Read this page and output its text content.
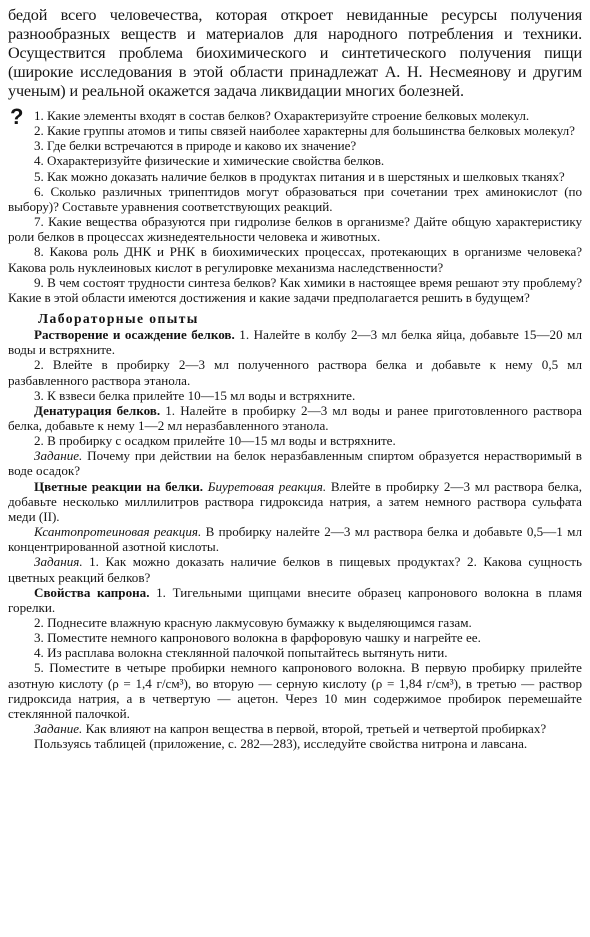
бедой всего человечества, которая откроет невиданные ресурсы получения разнообразных веществ и материалов для народного потребления и техники. Осуществится проблема биохимического и синтетического получения пищи (широкие исследования в этой области принадлежат А. Н. Несмеянову и другим ученым) и реальной окажется задача ликвидации многих болезней.

? 1. Какие элементы входят в состав белков? Охарактеризуйте строение белковых молекул.

2. Какие группы атомов и типы связей наиболее характерны для большинства белковых молекул?

3. Где белки встречаются в природе и каково их значение?

4. Охарактеризуйте физические и химические свойства белков.

5. Как можно доказать наличие белков в продуктах питания и в шерстяных и шелковых тканях?

6. Сколько различных трипептидов могут образоваться при сочетании трех аминокислот (по выбору)? Составьте уравнения соответствующих реакций.

7. Какие вещества образуются при гидролизе белков в организме? Дайте общую характеристику роли белков в процессах жизнедеятельности человека и животных.

8. Какова роль ДНК и РНК в биохимических процессах, протекающих в организме человека? Какова роль нуклеиновых кислот в регулировке механизма наследственности?

9. В чем состоят трудности синтеза белков? Как химики в настоящее время решают эту проблему? Какие в этой области имеются достижения и какие задачи предполагается решить в будущем?

Лабораторные опыты

Растворение и осаждение белков. 1. Налейте в колбу 2—3 мл белка яйца, добавьте 15—20 мл воды и встряхните.

2. Влейте в пробирку 2—3 мл полученного раствора белка и добавьте к нему 0,5 мл разбавленного раствора этанола.

3. К взвеси белка прилейте 10—15 мл воды и встряхните.

Денатурация белков. 1. Налейте в пробирку 2—3 мл воды и ранее приготовленного раствора белка, добавьте к нему 1—2 мл неразбавленного этанола.

2. В пробирку с осадком прилейте 10—15 мл воды и встряхните.

Задание. Почему при действии на белок неразбавленным спиртом образуется нерастворимый в воде осадок?

Цветные реакции на белки. Биуретовая реакция. Влейте в пробирку 2—3 мл раствора белка, добавьте несколько миллилитров раствора гидроксида натрия, а затем немного раствора сульфата меди (II).

Ксантопротеиновая реакция. В пробирку налейте 2—3 мл раствора белка и добавьте 0,5—1 мл концентрированной азотной кислоты.

Задания. 1. Как можно доказать наличие белков в пищевых продуктах? 2. Какова сущность цветных реакций белков?

Свойства капрона. 1. Тигельными щипцами внесите образец капронового волокна в пламя горелки.

2. Поднесите влажную красную лакмусовую бумажку к выделяющимся газам.

3. Поместите немного капронового волокна в фарфоровую чашку и нагрейте ее.

4. Из расплава волокна стеклянной палочкой попытайтесь вытянуть нити.

5. Поместите в четыре пробирки немного капронового волокна. В первую пробирку прилейте азотную кислоту (ρ = 1,4 г/см³), во вторую — серную кислоту (ρ = 1,84 г/см³), в третью — раствор гидроксида натрия, а в четвертую — ацетон. Через 10 мин содержимое пробирок перемешайте стеклянной палочкой.

Задание. Как влияют на капрон вещества в первой, второй, третьей и четвертой пробирках?

Пользуясь таблицей (приложение, с. 282—283), исследуйте свойства нитрона и лавсана.
